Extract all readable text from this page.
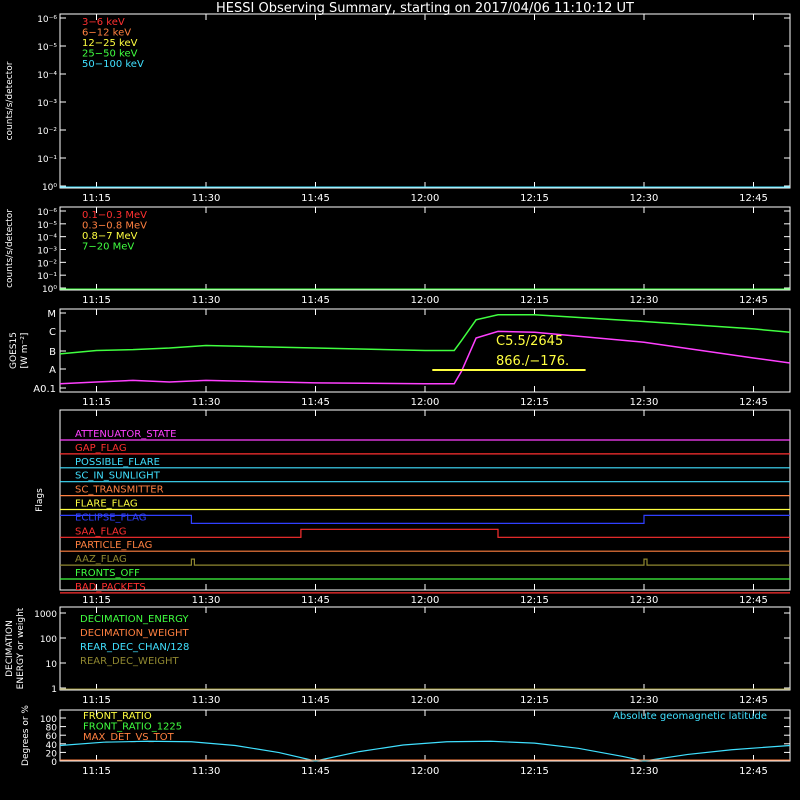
HESSI Observing Summary, starting on 2017/04/06 11:10:12 UT
11:15	11:30	11:45	12:00	12:15	12:30	12:45
10⁰
10⁻¹
10⁻²
10⁻³
10⁻⁴
10⁻⁵
10⁻⁶
counts/s/detector
3−6 keV
6−12 keV
12−25 keV
25−50 keV
50−100 keV
11:15	11:30	11:45	12:00	12:15	12:30	12:45
10⁰
10⁻¹
10⁻²
10⁻³
10⁻⁴
10⁻⁵
10⁻⁶
counts/s/detector	0.1−0.3 MeV
0.3−0.8 MeV
0.8−7 MeV
7−20 MeV
11:15	11:30	11:45	12:00	12:15	12:30	12:45
A0.1
A
B
C
M
GOES15 [W m⁻²]	C5.5/2645
866./−176.
11:15	11:30	11:45	12:00	12:15	12:30	12:45
Flags
ATTENUATOR_STATE
GAP_FLAG
POSSIBLE_FLARE
SC_IN_SUNLIGHT
SC_TRANSMITTER
FLARE_FLAG
ECLIPSE_FLAG
SAA_FLAG
PARTICLE_FLAG
AAZ_FLAG
FRONTS_OFF
BAD_PACKETS
11:15	11:30	11:45	12:00	12:15	12:30	12:45
1
10
100
1000
DECIMATION ENERGY or weight	DECIMATION_ENERGY
DECIMATION_WEIGHT
REAR_DEC_CHAN/128
REAR_DEC_WEIGHT
11:15	11:30	11:45	12:00	12:15	12:30	12:45
0
20
40
60
80
100
Degrees or %	FRONT_RATIO
FRONT_RATIO_1225
MAX_DET_VS_TOT
Absolute geomagnetic latitude
